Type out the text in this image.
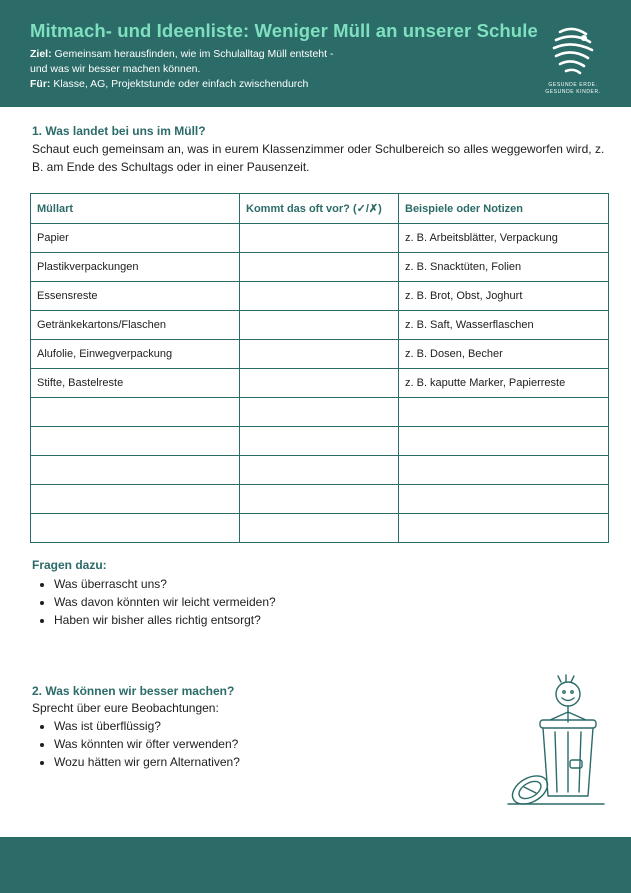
Mitmach- und Ideenliste: Weniger Müll an unserer Schule
Ziel: Gemeinsam herausfinden, wie im Schulalltag Müll entsteht -
und was wir besser machen können.
Für: Klasse, AG, Projektstunde oder einfach zwischendurch	GESUNDE ERDE.
GESUNDE KINDER.
1. Was landet bei uns im Müll?
Schaut euch gemeinsam an, was in eurem Klassenzimmer oder Schulbereich so alles weggeworfen wird, z. B. am Ende des Schultags oder in einer Pausenzeit.
Müllart	Kommt das oft vor? (✓/✗)	Beispiele oder Notizen
Papier		z. B. Arbeitsblätter, Verpackung
Plastikverpackungen		z. B. Snacktüten, Folien
Essensreste		z. B. Brot, Obst, Joghurt
Getränkekartons/Flaschen		z. B. Saft, Wasserflaschen
Alufolie, Einwegverpackung		z. B. Dosen, Becher
Stifte, Bastelreste		z. B. kaputte Marker, Papierreste

Fragen dazu:
• Was überrascht uns?
• Was davon könnten wir leicht vermeiden?
• Haben wir bisher alles richtig entsorgt?
2. Was können wir besser machen?
Sprecht über eure Beobachtungen:
• Was ist überflüssig?
• Was könnten wir öfter verwenden?
• Wozu hätten wir gern Alternativen?
